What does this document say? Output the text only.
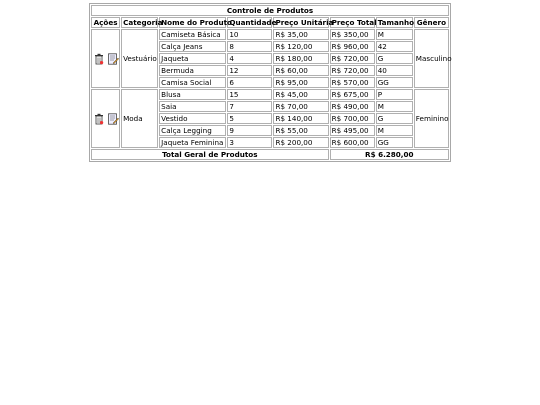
Controle de Produtos							
Ações	Categoria	Nome do Produto	Quantidade	Preço Unitária	Preço Total	Tamanho	Gênero

	Vestuário	Camiseta Básica	10	R$ 35,00	R$ 350,00	M	Masculino
		Calça Jeans	8	R$ 120,00	R$ 960,00	42	
		Jaqueta	4	R$ 180,00	R$ 720,00	G	
		Bermuda	12	R$ 60,00	R$ 720,00	40	
		Camisa Social	6	R$ 95,00	R$ 570,00	GG	

	Moda	Blusa	15	R$ 45,00	R$ 675,00	P	Feminino
		Saia	7	R$ 70,00	R$ 490,00	M	
		Vestido	5	R$ 140,00	R$ 700,00	G	
		Calça Legging	9	R$ 55,00	R$ 495,00	M	
		Jaqueta Feminina	3	R$ 200,00	R$ 600,00	GG	
Total Geral de Produtos					R$ 6.280,00		
